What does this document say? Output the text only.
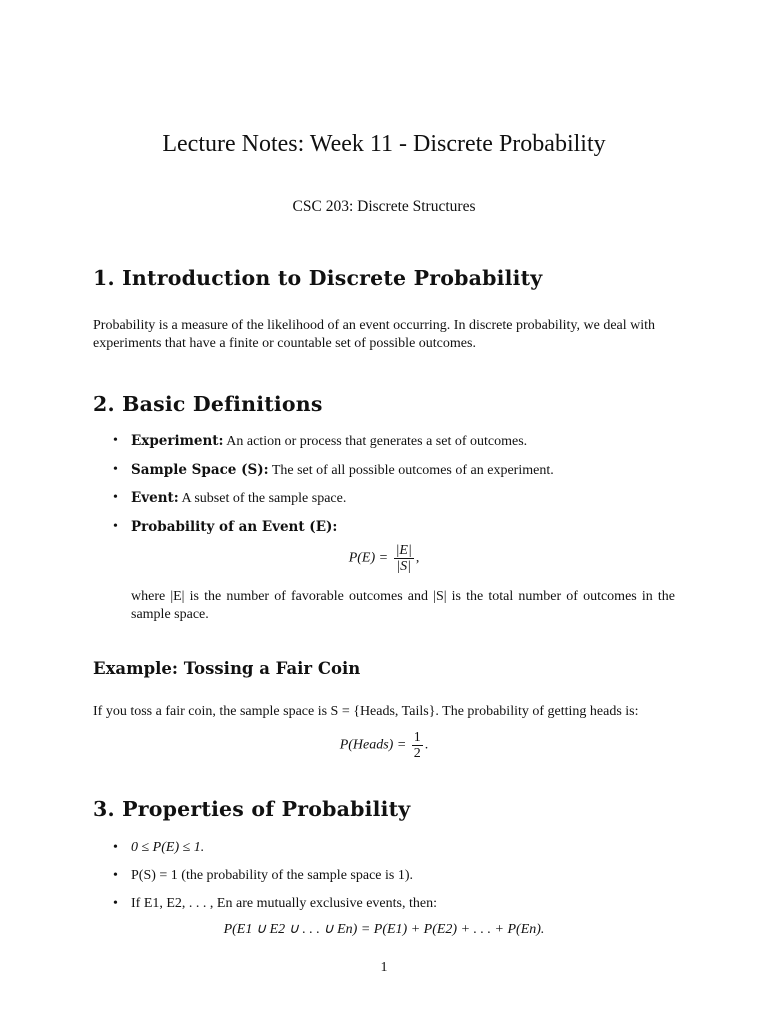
Lecture Notes: Week 11 - Discrete Probability
CSC 203: Discrete Structures
1. Introduction to Discrete Probability
Probability is a measure of the likelihood of an event occurring. In discrete probability, we deal with experiments that have a finite or countable set of possible outcomes.
2. Basic Definitions
• Experiment: An action or process that generates a set of outcomes.
• Sample Space (S): The set of all possible outcomes of an experiment.
• Event: A subset of the sample space.
• Probability of an Event (E):
$P(E) = \frac{|E|}{|S|}$ ,
where |E| is the number of favorable outcomes and |S| is the total number of outcomes in the sample space.
Example: Tossing a Fair Coin
If you toss a fair coin, the sample space is S = {Heads, Tails}. The probability of getting heads is:
P(Heads) = $\frac{1}{2}$ .
3. Properties of Probability
• 0 ≤ P(E) ≤ 1.
• P(S) = 1 (the probability of the sample space is 1).
• If E1, E2, . . . , En are mutually exclusive events, then:
P(E1 ∪ E2 ∪ . . . ∪ En) = P(E1) + P(E2) + . . . + P(En).
1
